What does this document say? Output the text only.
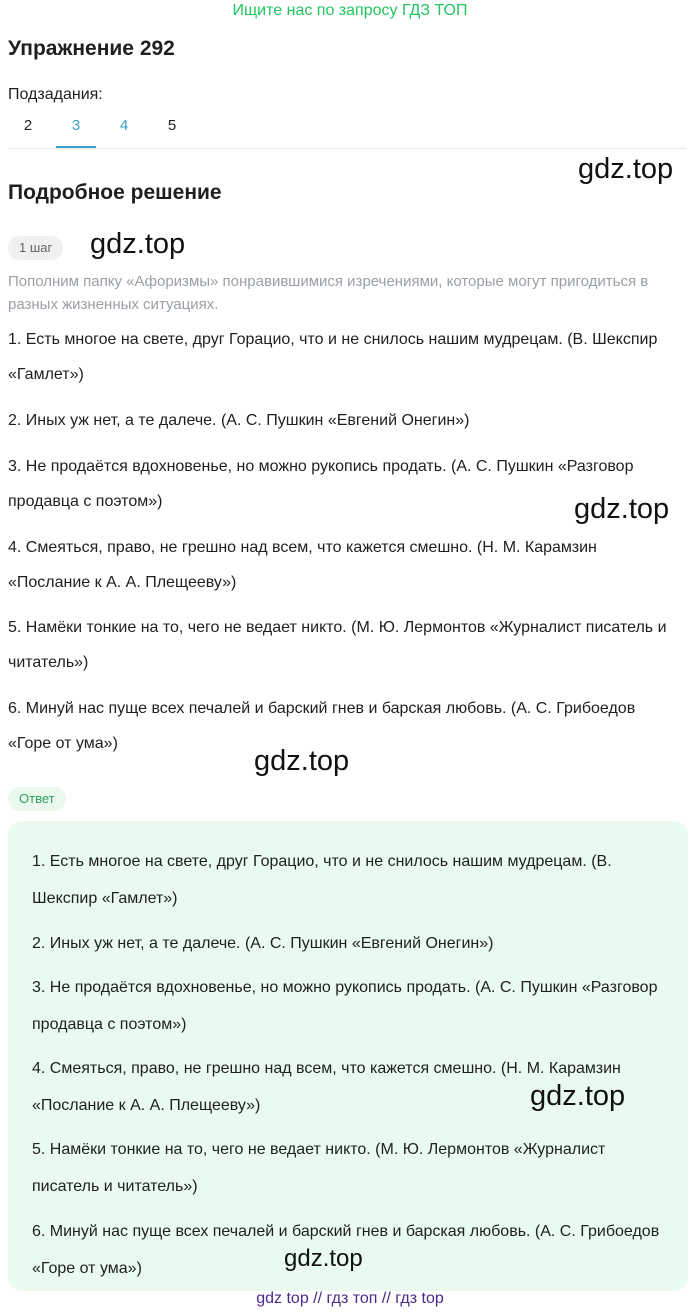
Ищите нас по запросу ГДЗ ТОП
Упражнение 292
Подзадания:
2	3	4	5
Подробное решение
gdz.top
1 шаг	gdz.top
Пополним папку «Афоризмы» понравившимися изречениями, которые могут пригодиться в разных жизненных ситуациях.
1. Есть многое на свете, друг Горацио, что и не снилось нашим мудрецам. (В. Шекспир «Гамлет»)
2. Иных уж нет, а те далече. (А. С. Пушкин «Евгений Онегин»)
3. Не продаётся вдохновенье, но можно рукопись продать. (А. С. Пушкин «Разговор продавца с поэтом»)	gdz.top
4. Смеяться, право, не грешно над всем, что кажется смешно. (Н. М. Карамзин «Послание к А. А. Плещееву»)
5. Намёки тонкие на то, чего не ведает никто. (М. Ю. Лермонтов «Журналист писатель и читатель»)
6. Минуй нас пуще всех печалей и барский гнев и барская любовь. (А. С. Грибоедов «Горе от ума»)
gdz.top
Ответ
1. Есть многое на свете, друг Горацио, что и не снилось нашим мудрецам. (В. Шекспир «Гамлет»)
2. Иных уж нет, а те далече. (А. С. Пушкин «Евгений Онегин»)
3. Не продаётся вдохновенье, но можно рукопись продать. (А. С. Пушкин «Разговор продавца с поэтом»)
4. Смеяться, право, не грешно над всем, что кажется смешно. (Н. М. Карамзин «Послание к А. А. Плещееву»)	gdz.top
5. Намёки тонкие на то, чего не ведает никто. (М. Ю. Лермонтов «Журналист писатель и читатель»)
6. Минуй нас пуще всех печалей и барский гнев и барская любовь. (А. С. Грибоедов «Горе от ума»)	gdz.top
gdz top // гдз топ // гдз top
